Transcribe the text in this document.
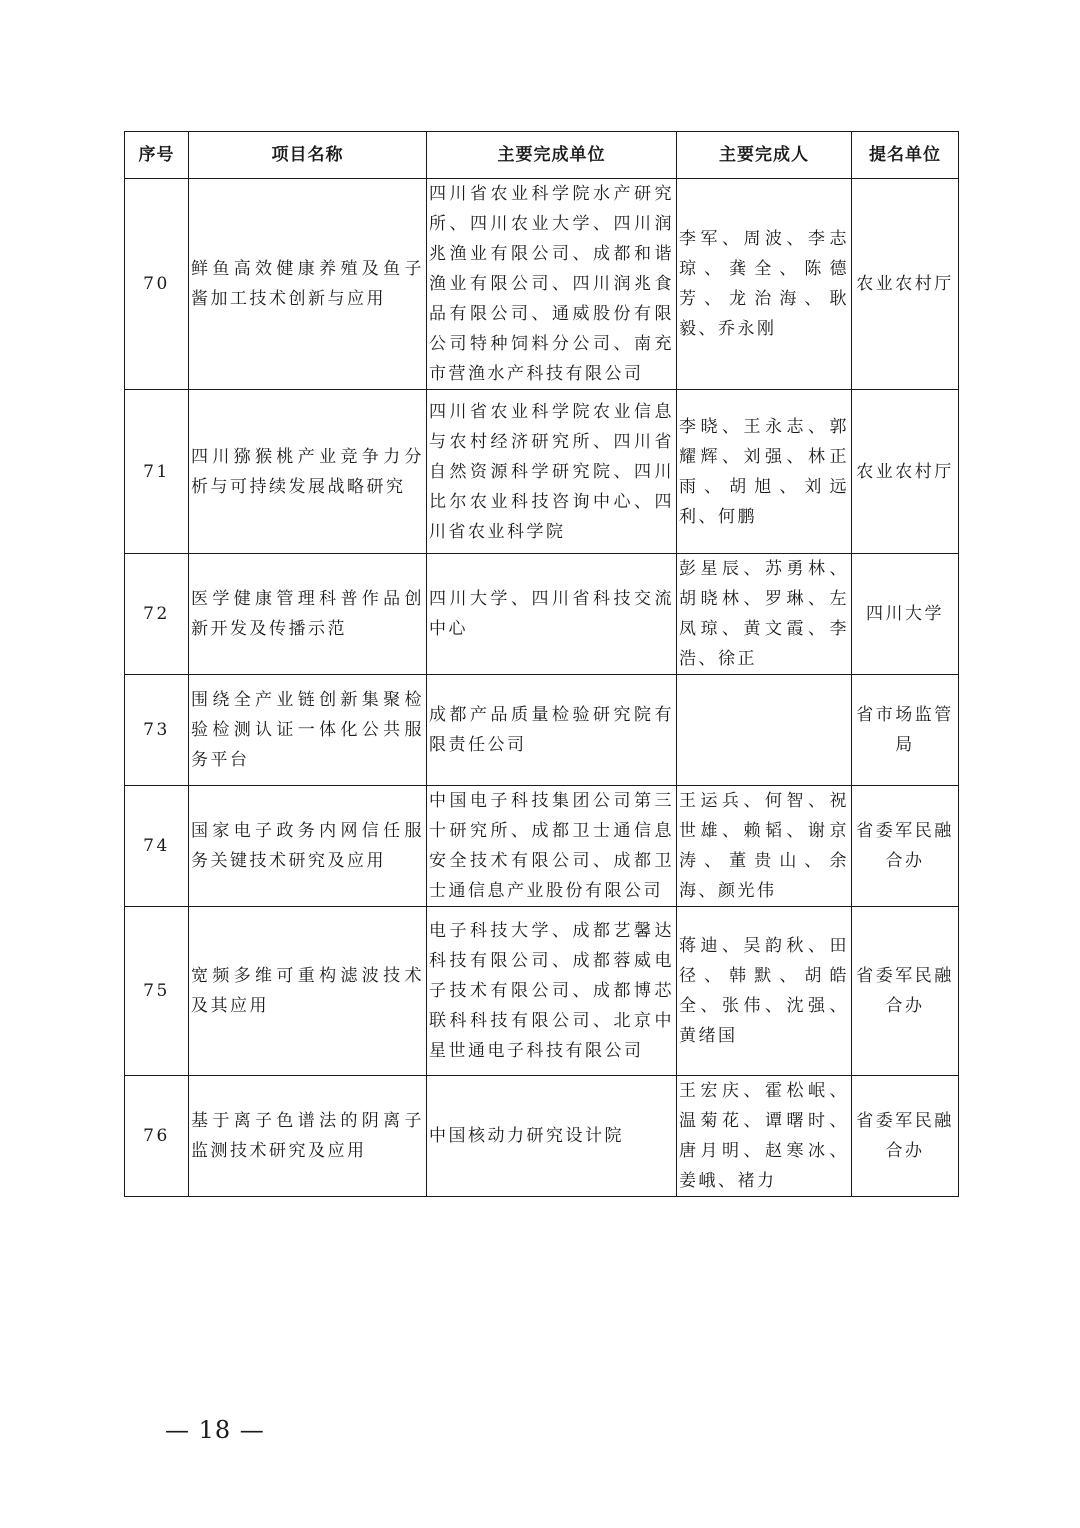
序号	项目名称	主要完成单位	主要完成人	提名单位
70	鲜鱼高效健康养殖及鱼子酱加工技术创新与应用	四川省农业科学院水产研究所、四川农业大学、四川润兆渔业有限公司、成都和谐渔业有限公司、四川润兆食品有限公司、通威股份有限公司特种饲料分公司、南充市营渔水产科技有限公司	李军、周波、李志琼、龚全、陈德芳、龙治海、耿毅、乔永刚	农业农村厅
71	四川猕猴桃产业竞争力分析与可持续发展战略研究	四川省农业科学院农业信息与农村经济研究所、四川省自然资源科学研究院、四川比尔农业科技咨询中心、四川省农业科学院	李晓、王永志、郭耀辉、刘强、林正雨、胡旭、刘远利、何鹏	农业农村厅
72	医学健康管理科普作品创新开发及传播示范	四川大学、四川省科技交流中心	彭星辰、苏勇林、胡晓林、罗琳、左凤琼、黄文霞、李浩、徐正	四川大学
73	围绕全产业链创新集聚检验检测认证一体化公共服务平台	成都产品质量检验研究院有限责任公司		省市场监管局
74	国家电子政务内网信任服务关键技术研究及应用	中国电子科技集团公司第三十研究所、成都卫士通信息安全技术有限公司、成都卫士通信息产业股份有限公司	王运兵、何智、祝世雄、赖韬、谢京涛、董贵山、余海、颜光伟	省委军民融合办
75	宽频多维可重构滤波技术及其应用	电子科技大学、成都艺馨达科技有限公司、成都蓉威电子技术有限公司、成都博芯联科科技有限公司、北京中星世通电子科技有限公司	蒋迪、吴韵秋、田径、韩默、胡皓全、张伟、沈强、黄绪国	省委军民融合办
76	基于离子色谱法的阴离子监测技术研究及应用	中国核动力研究设计院	王宏庆、霍松岷、温菊花、谭曙时、唐月明、赵寒冰、姜峨、褚力	省委军民融合办
— 18 —
